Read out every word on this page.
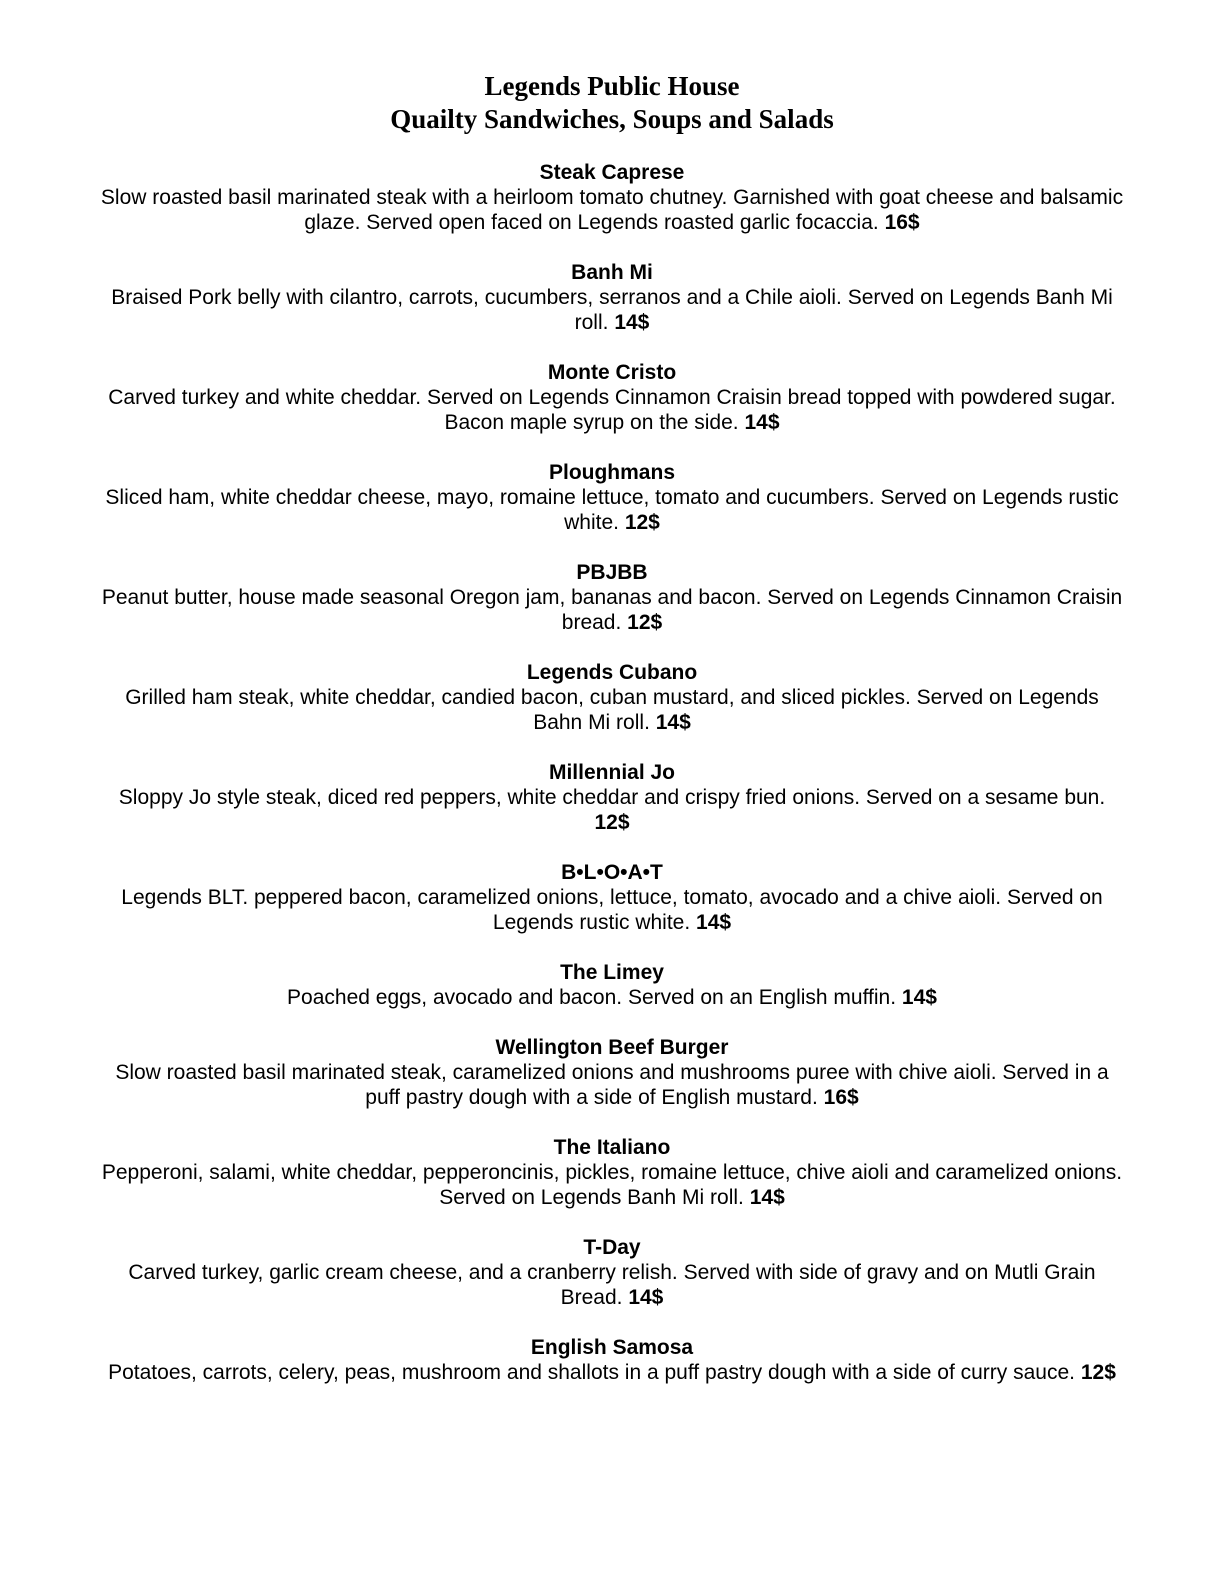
Legends Public House
Quailty Sandwiches, Soups and Salads
Steak Caprese
Slow roasted basil marinated steak with a heirloom tomato chutney. Garnished with goat cheese and balsamic glaze. Served open faced on Legends roasted garlic focaccia. 16$
Banh Mi
Braised Pork belly with cilantro, carrots, cucumbers, serranos and a Chile aioli. Served on Legends Banh Mi roll. 14$
Monte Cristo
Carved turkey and white cheddar. Served on Legends Cinnamon Craisin bread topped with powdered sugar. Bacon maple syrup on the side. 14$
Ploughmans
Sliced ham, white cheddar cheese, mayo, romaine lettuce, tomato and cucumbers. Served on Legends rustic white. 12$
PBJBB
Peanut butter, house made seasonal Oregon jam, bananas and bacon. Served on Legends Cinnamon Craisin bread. 12$
Legends Cubano
Grilled ham steak, white cheddar, candied bacon, cuban mustard, and sliced pickles. Served on Legends Bahn Mi roll. 14$
Millennial Jo
Sloppy Jo style steak, diced red peppers, white cheddar and crispy fried onions. Served on a sesame bun. 12$
B•L•O•A•T
Legends BLT. peppered bacon, caramelized onions, lettuce, tomato, avocado and a chive aioli. Served on Legends rustic white. 14$
The Limey
Poached eggs, avocado and bacon. Served on an English muffin. 14$
Wellington Beef Burger
Slow roasted basil marinated steak, caramelized onions and mushrooms puree with chive aioli. Served in a puff pastry dough with a side of English mustard. 16$
The Italiano
Pepperoni, salami, white cheddar, pepperoncinis, pickles, romaine lettuce, chive aioli and caramelized onions. Served on Legends Banh Mi roll. 14$
T-Day
Carved turkey, garlic cream cheese, and a cranberry relish. Served with side of gravy and on Mutli Grain Bread. 14$
English Samosa
Potatoes, carrots, celery, peas, mushroom and shallots in a puff pastry dough with a side of curry sauce. 12$
